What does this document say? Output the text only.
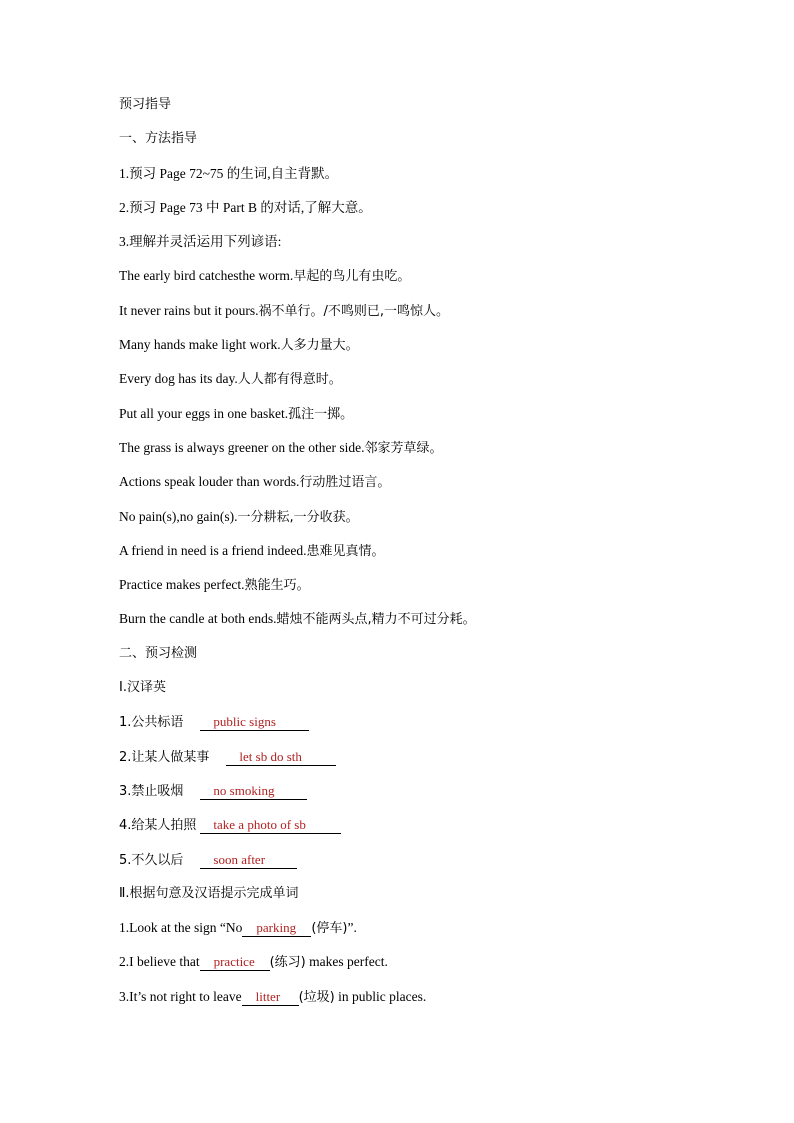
预习指导
一、方法指导
1.预习 Page 72~75 的生词,自主背默。
2.预习 Page 73 中 Part B 的对话,了解大意。
3.理解并灵活运用下列谚语:
The early bird catchesthe worm.早起的鸟儿有虫吃。
It never rains but it pours.祸不单行。/不鸣则已,一鸣惊人。
Many hands make light work.人多力量大。
Every dog has its day.人人都有得意时。
Put all your eggs in one basket.孤注一掷。
The grass is always greener on the other side.邻家芳草绿。
Actions speak louder than words.行动胜过语言。
No pain(s),no gain(s).一分耕耘,一分收获。
A friend in need is a friend indeed.患难见真情。
Practice makes perfect.熟能生巧。
Burn the candle at both ends.蜡烛不能两头点,精力不可过分耗。
二、预习检测
Ⅰ.汉译英
1.公共标语 public signs
2.让某人做某事 let sb do sth
3.禁止吸烟 no smoking
4.给某人拍照 take a photo of sb
5.不久以后 soon after
Ⅱ.根据句意及汉语提示完成单词
1.Look at the sign “No parking (停车)”.
2.I believe that practice (练习) makes perfect.
3.It’s not right to leave litter (垃圾) in public places.
